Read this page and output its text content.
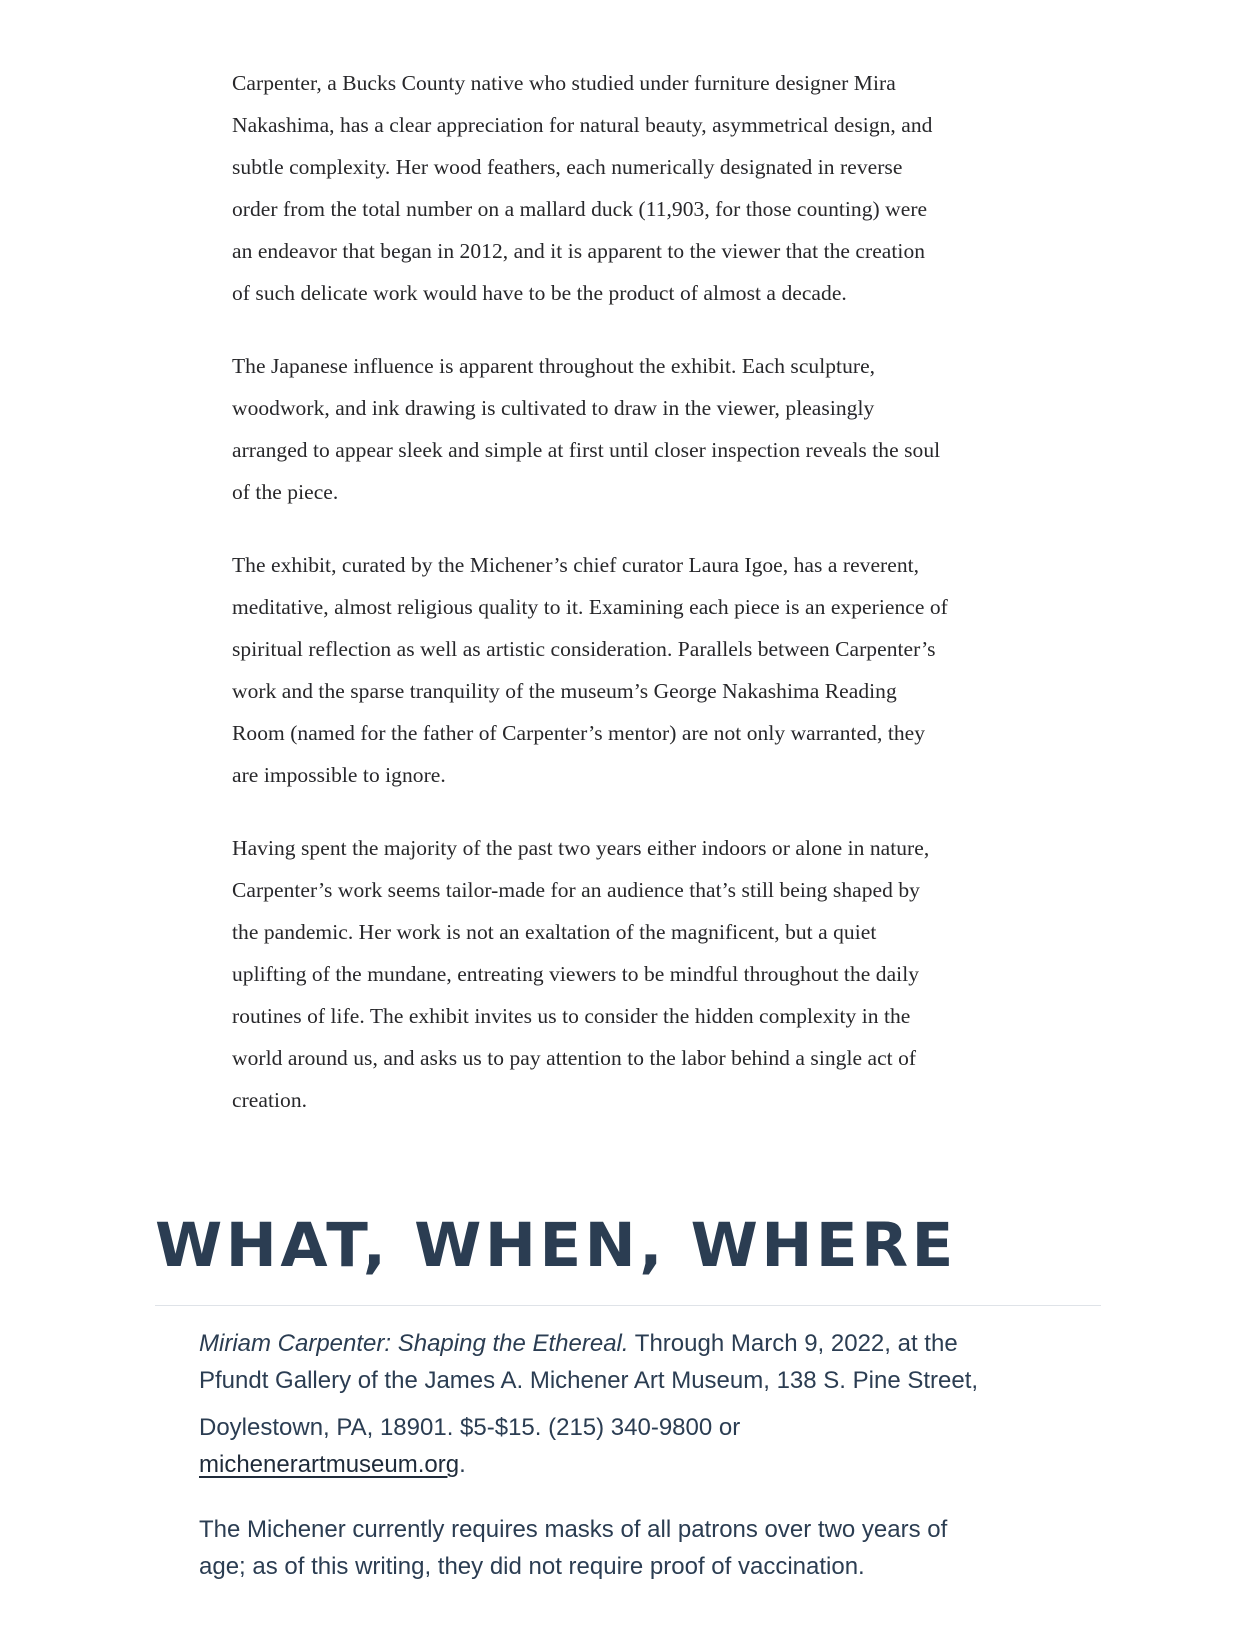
Carpenter, a Bucks County native who studied under furniture designer Mira
Nakashima, has a clear appreciation for natural beauty, asymmetrical design, and
subtle complexity. Her wood feathers, each numerically designated in reverse
order from the total number on a mallard duck (11,903, for those counting) were
an endeavor that began in 2012, and it is apparent to the viewer that the creation
of such delicate work would have to be the product of almost a decade.

The Japanese influence is apparent throughout the exhibit. Each sculpture,
woodwork, and ink drawing is cultivated to draw in the viewer, pleasingly
arranged to appear sleek and simple at first until closer inspection reveals the soul
of the piece.

The exhibit, curated by the Michener’s chief curator Laura Igoe, has a reverent,
meditative, almost religious quality to it. Examining each piece is an experience of
spiritual reflection as well as artistic consideration. Parallels between Carpenter’s
work and the sparse tranquility of the museum’s George Nakashima Reading
Room (named for the father of Carpenter’s mentor) are not only warranted, they
are impossible to ignore.

Having spent the majority of the past two years either indoors or alone in nature,
Carpenter’s work seems tailor-made for an audience that’s still being shaped by
the pandemic. Her work is not an exaltation of the magnificent, but a quiet
uplifting of the mundane, entreating viewers to be mindful throughout the daily
routines of life. The exhibit invites us to consider the hidden complexity in the
world around us, and asks us to pay attention to the labor behind a single act of
creation.

WHAT, WHEN, WHERE

Miriam Carpenter: Shaping the Ethereal. Through March 9, 2022, at the

Pfundt Gallery of the James A. Michener Art Museum, 138 S. Pine Street,

Doylestown, PA, 18901. $5-$15. (215) 340-9800 or

michenerartmuseum.org.

The Michener currently requires masks of all patrons over two years of
age; as of this writing, they did not require proof of vaccination.
